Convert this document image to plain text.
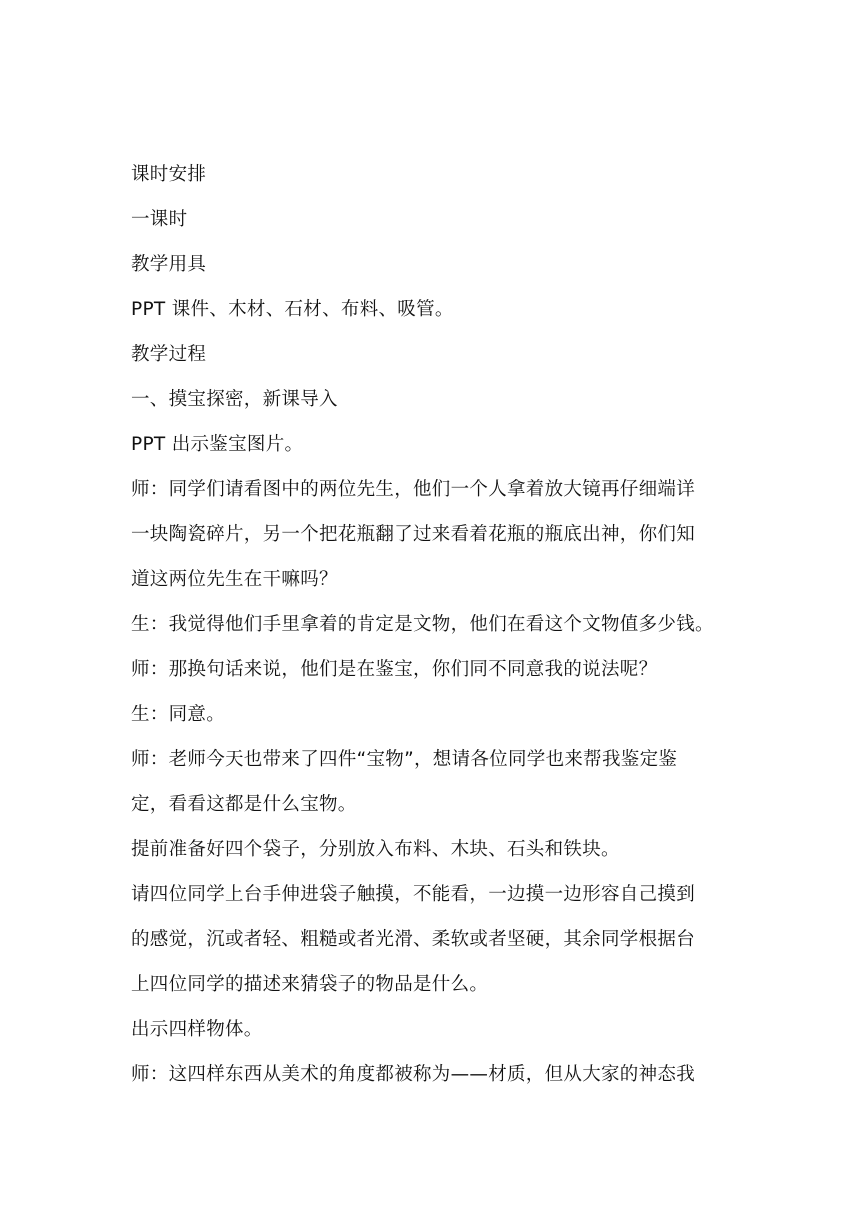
课时安排
一课时
教学用具
PPT 课件、木材、石材、布料、吸管。
教学过程
一、摸宝探密，新课导入
PPT 出示鉴宝图片。
师：同学们请看图中的两位先生，他们一个人拿着放大镜再仔细端详
一块陶瓷碎片，另一个把花瓶翻了过来看着花瓶的瓶底出神，你们知
道这两位先生在干嘛吗？
生：我觉得他们手里拿着的肯定是文物，他们在看这个文物值多少钱。
师：那换句话来说，他们是在鉴宝，你们同不同意我的说法呢？
生：同意。
师：老师今天也带来了四件“宝物”，想请各位同学也来帮我鉴定鉴
定，看看这都是什么宝物。
提前准备好四个袋子，分别放入布料、木块、石头和铁块。
请四位同学上台手伸进袋子触摸，不能看，一边摸一边形容自己摸到
的感觉，沉或者轻、粗糙或者光滑、柔软或者坚硬，其余同学根据台
上四位同学的描述来猜袋子的物品是什么。
出示四样物体。
师：这四样东西从美术的角度都被称为——材质，但从大家的神态我
